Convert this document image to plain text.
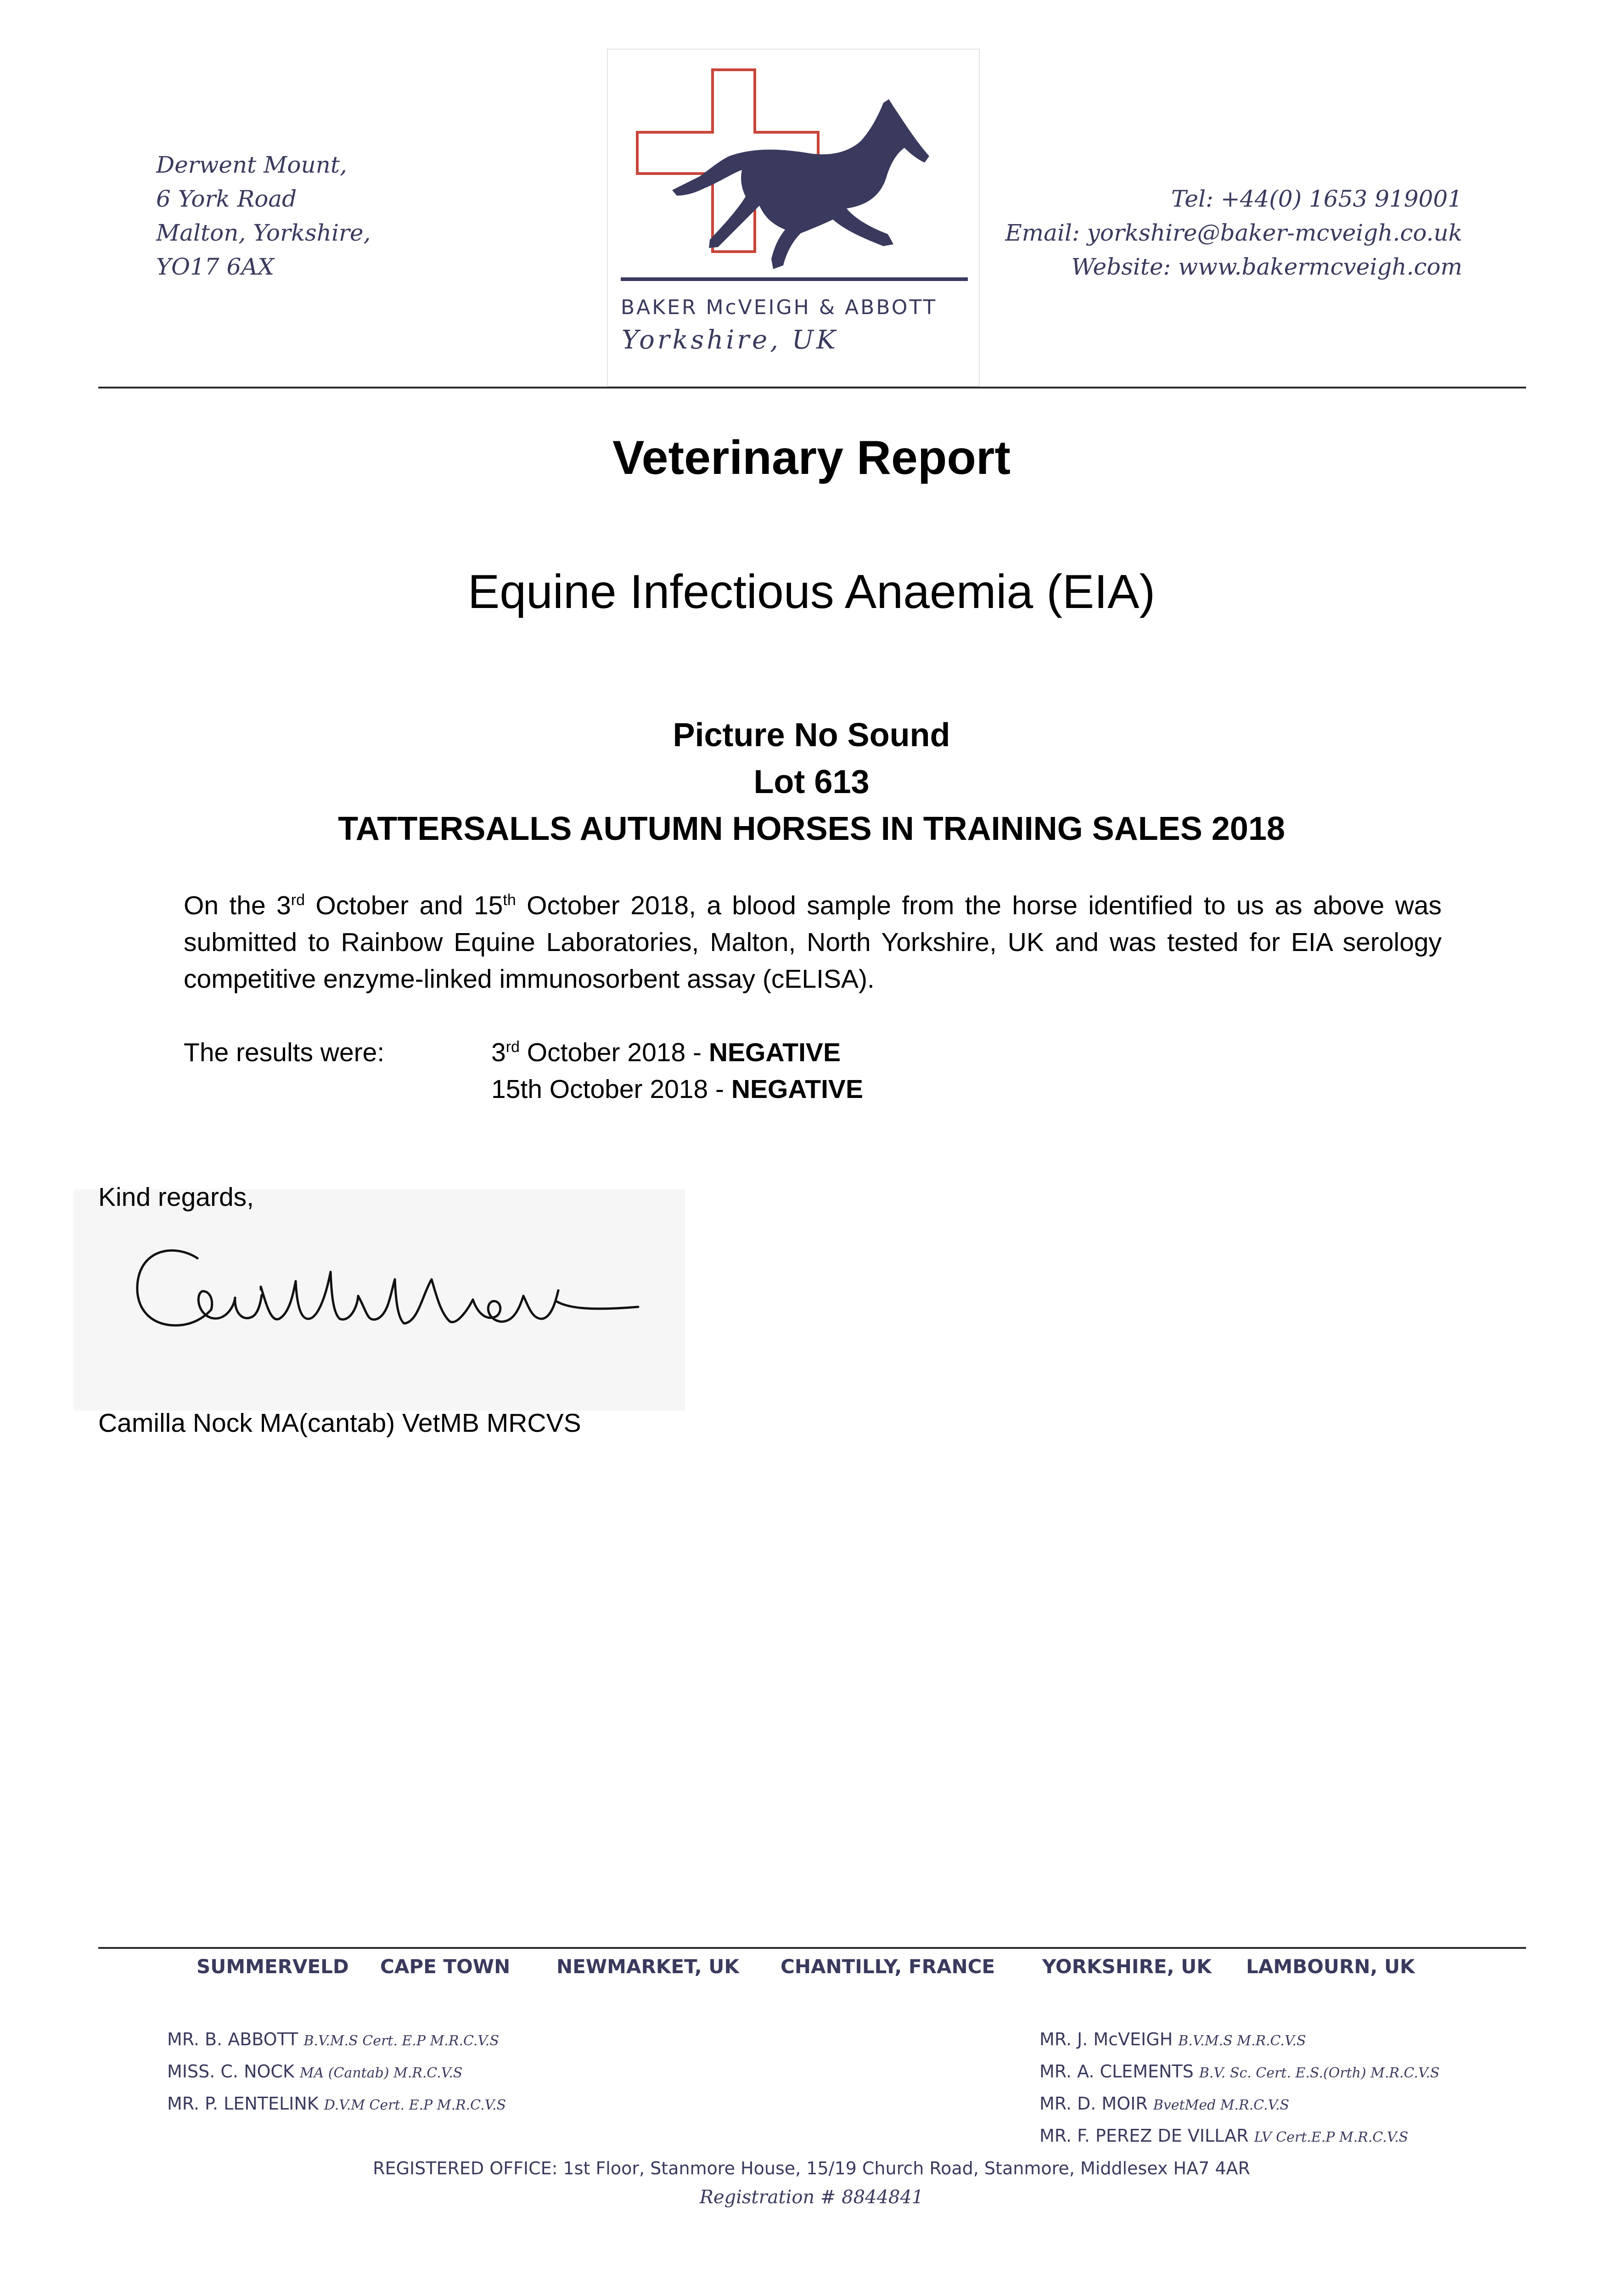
Derwent Mount,
6 York Road
Malton, Yorkshire,
YO17 6AX
BAKER McVEIGH & ABBOTT
Yorkshire, UK
Tel: +44(0) 1653 919001
Email: yorkshire@baker-mcveigh.co.uk
Website: www.bakermcveigh.com
Veterinary Report
Equine Infectious Anaemia (EIA)
Picture No Sound
Lot 613
TATTERSALLS AUTUMN HORSES IN TRAINING SALES 2018
On the 3rd October and 15th October 2018, a blood sample from the horse identified to us as above was submitted to Rainbow Equine Laboratories, Malton, North Yorkshire, UK and was tested for EIA serology competitive enzyme-linked immunosorbent assay (cELISA).
The results were:	3rd October 2018 - NEGATIVE
15th October 2018 - NEGATIVE
Kind regards,
Camilla Nock MA(cantab) VetMB MRCVS
SUMMERVELD CAPE TOWN NEWMARKET, UK CHANTILLY, FRANCE YORKSHIRE, UK LAMBOURN, UK
MR. B. ABBOTT B.V.M.S Cert. E.P M.R.C.V.S
MISS. C. NOCK MA (Cantab) M.R.C.V.S
MR. P. LENTELINK D.V.M Cert. E.P M.R.C.V.S
MR. J. McVEIGH B.V.M.S M.R.C.V.S
MR. A. CLEMENTS B.V. Sc. Cert. E.S.(Orth) M.R.C.V.S
MR. D. MOIR BvetMed M.R.C.V.S
MR. F. PEREZ DE VILLAR LV Cert.E.P M.R.C.V.S
REGISTERED OFFICE: 1st Floor, Stanmore House, 15/19 Church Road, Stanmore, Middlesex HA7 4AR
Registration # 8844841
